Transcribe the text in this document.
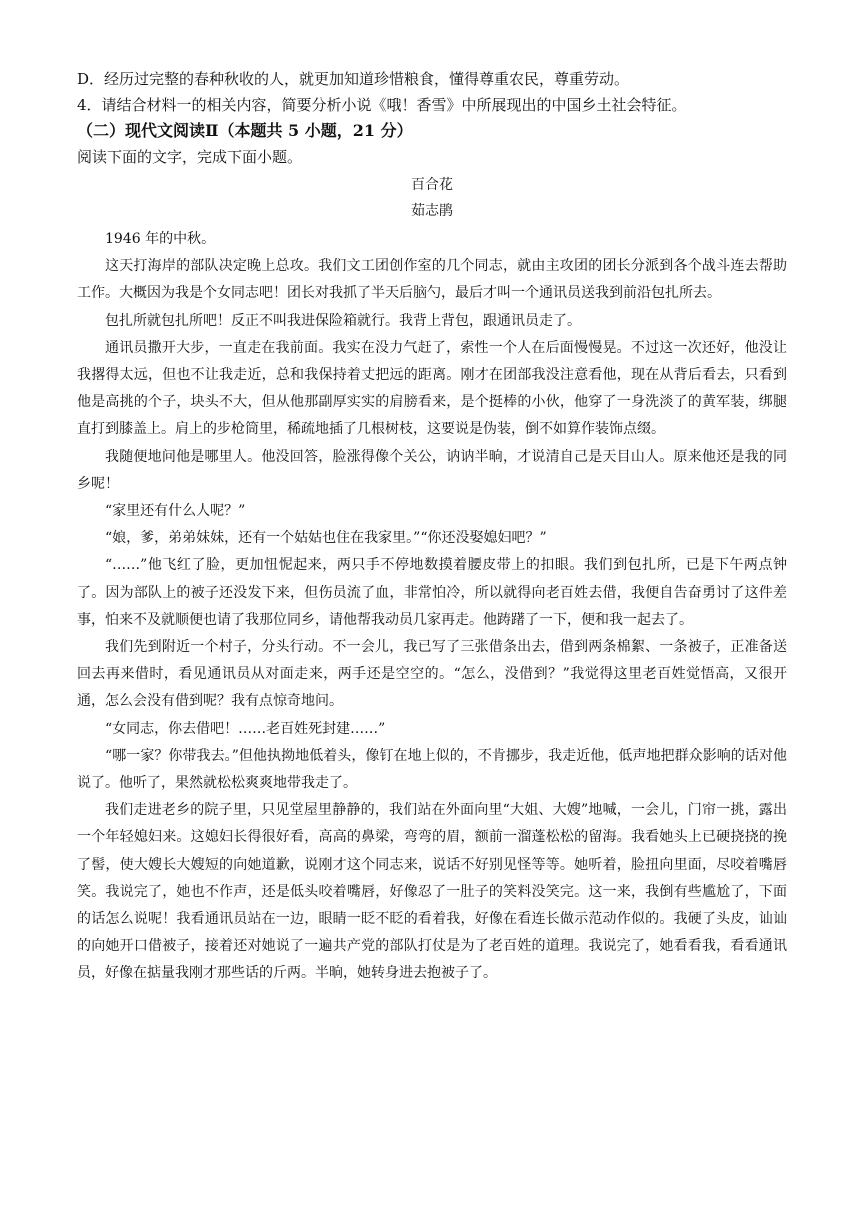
D．经历过完整的春种秋收的人，就更加知道珍惜粮食，懂得尊重农民，尊重劳动。
4．请结合材料一的相关内容，简要分析小说《哦！香雪》中所展现出的中国乡土社会特征。
（二）现代文阅读Ⅱ（本题共 5 小题，21 分）
阅读下面的文字，完成下面小题。
百合花
茹志鹃

1946 年的中秋。

这天打海岸的部队决定晚上总攻。我们文工团创作室的几个同志，就由主攻团的团长分派到各个战斗连去帮助工作。大概因为我是个女同志吧！团长对我抓了半天后脑勺，最后才叫一个通讯员送我到前沿包扎所去。

包扎所就包扎所吧！反正不叫我进保险箱就行。我背上背包，跟通讯员走了。

通讯员撒开大步，一直走在我前面。我实在没力气赶了，索性一个人在后面慢慢晃。不过这一次还好，他没让我撂得太远，但也不让我走近，总和我保持着丈把远的距离。刚才在团部我没注意看他，现在从背后看去，只看到他是高挑的个子，块头不大，但从他那副厚实实的肩膀看来，是个挺棒的小伙，他穿了一身洗淡了的黄军装，绑腿直打到膝盖上。肩上的步枪筒里，稀疏地插了几根树枝，这要说是伪装，倒不如算作装饰点缀。

我随便地问他是哪里人。他没回答，脸涨得像个关公，讷讷半晌，才说清自己是天目山人。原来他还是我的同乡呢！

“家里还有什么人呢？”

“娘，爹，弟弟妹妹，还有一个姑姑也住在我家里。”“你还没娶媳妇吧？”

“……”他飞红了脸，更加忸怩起来，两只手不停地数摸着腰皮带上的扣眼。我们到包扎所，已是下午两点钟了。因为部队上的被子还没发下来，但伤员流了血，非常怕冷，所以就得向老百姓去借，我便自告奋勇讨了这件差事，怕来不及就顺便也请了我那位同乡，请他帮我动员几家再走。他踌躇了一下，便和我一起去了。

我们先到附近一个村子，分头行动。不一会儿，我已写了三张借条出去，借到两条棉絮、一条被子，正准备送回去再来借时，看见通讯员从对面走来，两手还是空空的。“怎么，没借到？”我觉得这里老百姓觉悟高，又很开通，怎么会没有借到呢？我有点惊奇地问。

“女同志，你去借吧！……老百姓死封建……”

“哪一家？你带我去。”但他执拗地低着头，像钉在地上似的，不肯挪步，我走近他，低声地把群众影响的话对他说了。他听了，果然就松松爽爽地带我走了。

我们走进老乡的院子里，只见堂屋里静静的，我们站在外面向里“大姐、大嫂”地喊，一会儿，门帘一挑，露出一个年轻媳妇来。这媳妇长得很好看，高高的鼻梁，弯弯的眉，额前一溜蓬松松的留海。我看她头上已硬挠挠的挽了髻，使大嫂长大嫂短的向她道歉，说刚才这个同志来，说话不好别见怪等等。她听着，脸扭向里面，尽咬着嘴唇笑。我说完了，她也不作声，还是低头咬着嘴唇，好像忍了一肚子的笑料没笑完。这一来，我倒有些尴尬了，下面的话怎么说呢！我看通讯员站在一边，眼睛一眨不眨的看着我，好像在看连长做示范动作似的。我硬了头皮，讪讪的向她开口借被子，接着还对她说了一遍共产党的部队打仗是为了老百姓的道理。我说完了，她看看我，看看通讯员，好像在掂量我刚才那些话的斤两。半晌，她转身进去抱被子了。
